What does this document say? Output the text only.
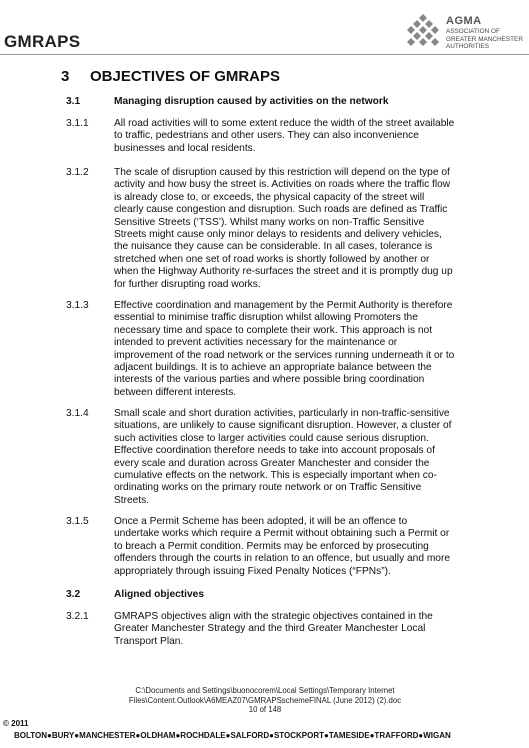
GMRAPS
AGMA
ASSOCIATION OF
GREATER MANCHESTER
AUTHORITIES
3 OBJECTIVES OF GMRAPS
3.1	Managing disruption caused by activities on the network
3.1.1 All road activities will to some extent reduce the width of the street available
to traffic, pedestrians and other users. They can also inconvenience
businesses and local residents.
3.1.2 The scale of disruption caused by this restriction will depend on the type of
activity and how busy the street is. Activities on roads where the traffic flow
is already close to, or exceeds, the physical capacity of the street will
clearly cause congestion and disruption. Such roads are defined as Traffic
Sensitive Streets (‘TSS’). Whilst many works on non-Traffic Sensitive
Streets might cause only minor delays to residents and delivery vehicles,
the nuisance they cause can be considerable. In all cases, tolerance is
stretched when one set of road works is shortly followed by another or
when the Highway Authority re-surfaces the street and it is promptly dug up
for further disrupting road works.
3.1.3 Effective coordination and management by the Permit Authority is therefore
essential to minimise traffic disruption whilst allowing Promoters the
necessary time and space to complete their work. This approach is not
intended to prevent activities necessary for the maintenance or
improvement of the road network or the services running underneath it or to
adjacent buildings. It is to achieve an appropriate balance between the
interests of the various parties and where possible bring coordination
between different interests.
3.1.4 Small scale and short duration activities, particularly in non-traffic-sensitive
situations, are unlikely to cause significant disruption. However, a cluster of
such activities close to larger activities could cause serious disruption.
Effective coordination therefore needs to take into account proposals of
every scale and duration across Greater Manchester and consider the
cumulative effects on the network. This is especially important when co-
ordinating works on the primary route network or on Traffic Sensitive
Streets.
3.1.5 Once a Permit Scheme has been adopted, it will be an offence to
undertake works which require a Permit without obtaining such a Permit or
to breach a Permit condition. Permits may be enforced by prosecuting
offenders through the courts in relation to an offence, but usually and more
appropriately through issuing Fixed Penalty Notices (“FPNs”).
3.2	Aligned objectives
3.2.1 GMRAPS objectives align with the strategic objectives contained in the
Greater Manchester Strategy and the third Greater Manchester Local
Transport Plan.
C:\Documents and Settings\buonocorem\Local Settings\Temporary Internet
Files\Content.Outlook\A6MEAZ07\GMRAPSschemeFINAL (June 2012) (2).doc
10 of 148
© 2011
BOLTON●BURY●MANCHESTER●OLDHAM●ROCHDALE●SALFORD●STOCKPORT●TAMESIDE●TRAFFORD●WIGAN
